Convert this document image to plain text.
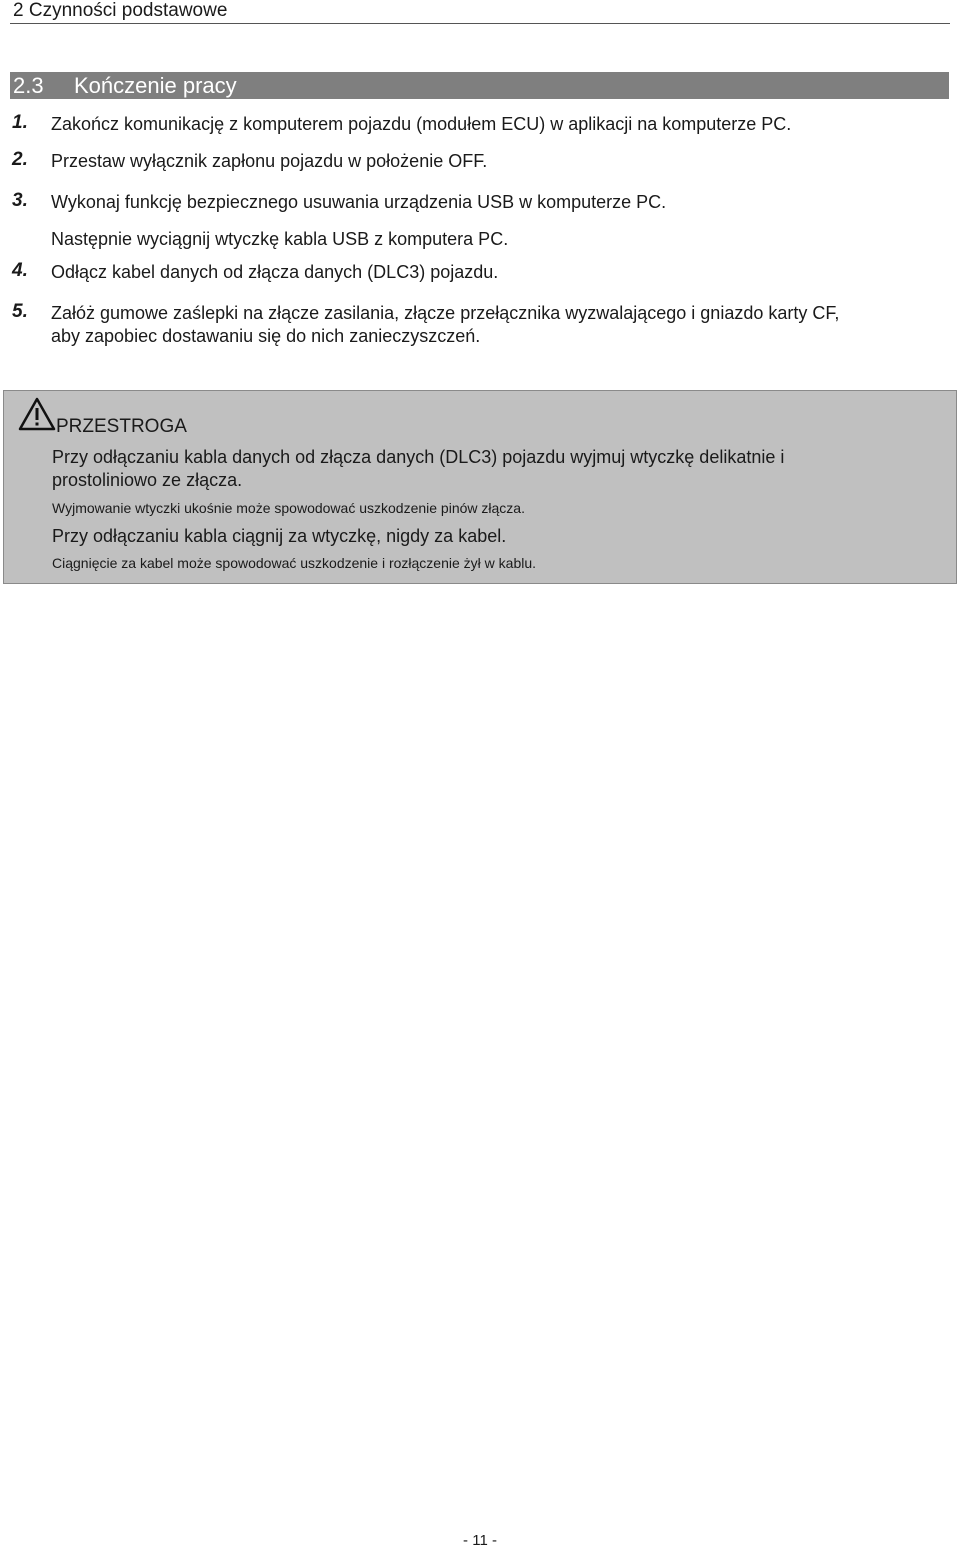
2 Czynności podstawowe
2.3 Kończenie pracy
1. Zakończ komunikację z komputerem pojazdu (modułem ECU) w aplikacji na komputerze PC.
2. Przestaw wyłącznik zapłonu pojazdu w położenie OFF.
3. Wykonaj funkcję bezpiecznego usuwania urządzenia USB w komputerze PC.
Następnie wyciągnij wtyczkę kabla USB z komputera PC.
4. Odłącz kabel danych od złącza danych (DLC3) pojazdu.
5. Załóż gumowe zaślepki na złącze zasilania, złącze przełącznika wyzwalającego i gniazdo karty CF,
aby zapobiec dostawaniu się do nich zanieczyszczeń.
PRZESTROGA
Przy odłączaniu kabla danych od złącza danych (DLC3) pojazdu wyjmuj wtyczkę delikatnie i
prostoliniowo ze złącza.
Wyjmowanie wtyczki ukośnie może spowodować uszkodzenie pinów złącza.
Przy odłączaniu kabla ciągnij za wtyczkę, nigdy za kabel.
Ciągnięcie za kabel może spowodować uszkodzenie i rozłączenie żył w kablu.
- 11 -
